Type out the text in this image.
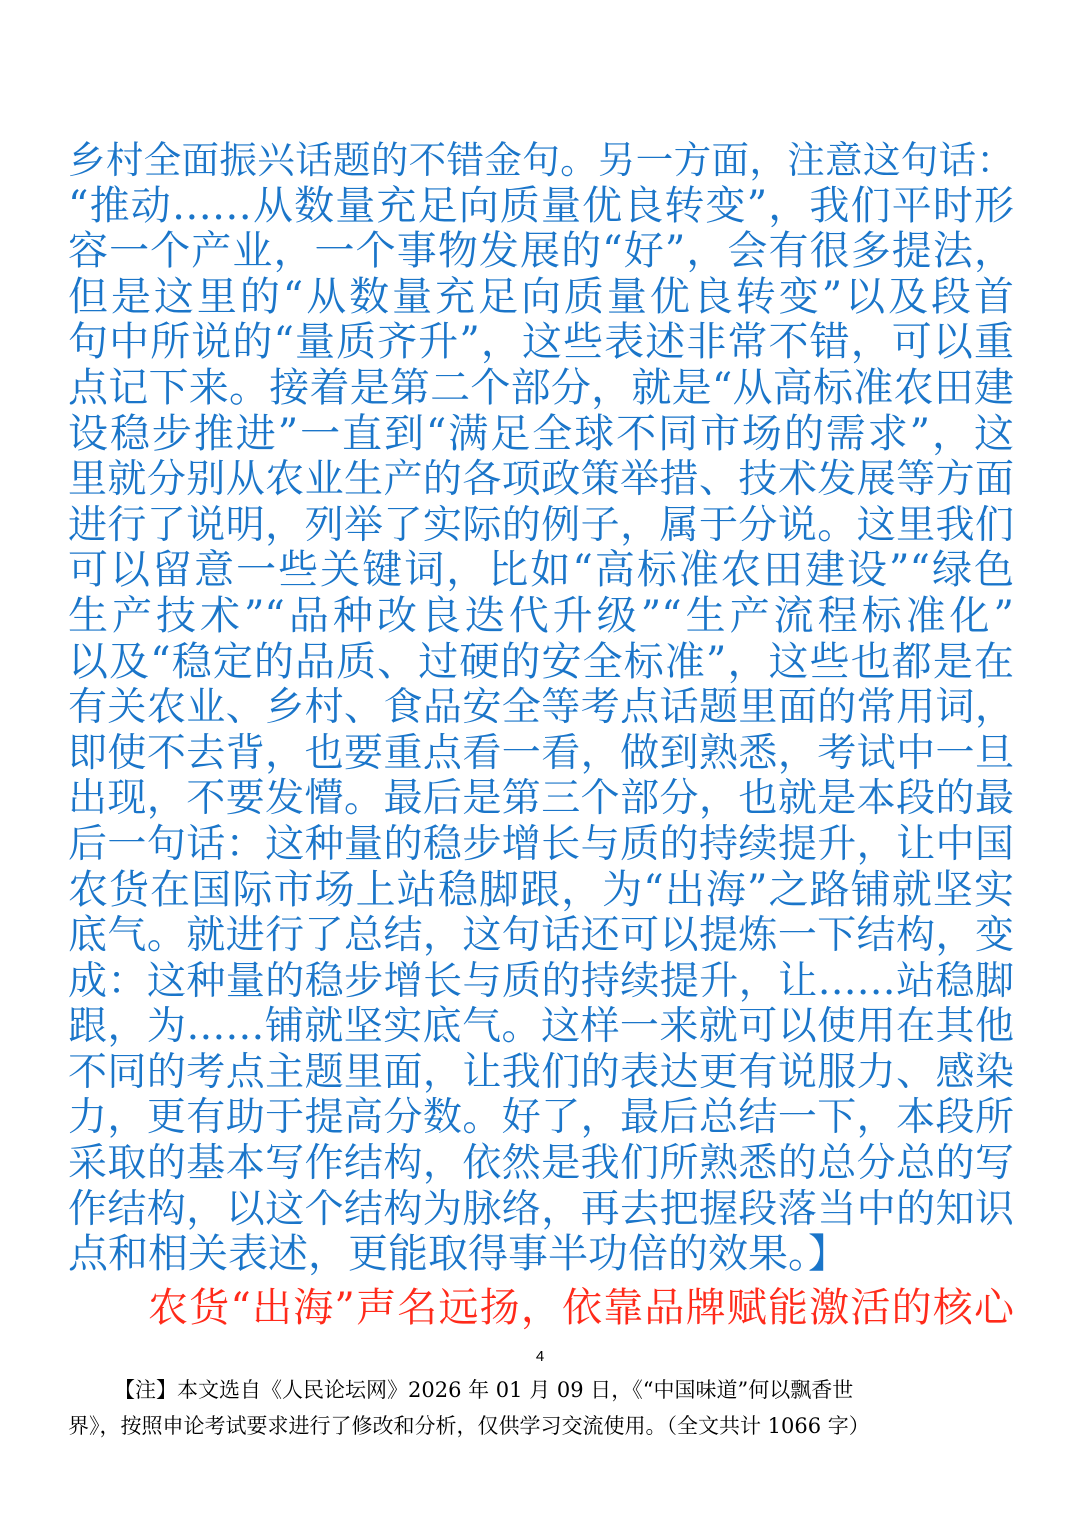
乡村全面振兴话题的不错金句。另一方面，注意这句话：
“推动……从数量充足向质量优良转变”，我们平时形
容一个产业，一个事物发展的“好”，会有很多提法，
但是这里的“从数量充足向质量优良转变”以及段首
句中所说的“量质齐升”，这些表述非常不错，可以重
点记下来。接着是第二个部分，就是“从高标准农田建
设稳步推进”一直到“满足全球不同市场的需求”，这
里就分别从农业生产的各项政策举措、技术发展等方面
进行了说明，列举了实际的例子，属于分说。这里我们
可以留意一些关键词，比如“高标准农田建设”“绿色
生产技术”“品种改良迭代升级”“生产流程标准化”
以及“稳定的品质、过硬的安全标准”，这些也都是在
有关农业、乡村、食品安全等考点话题里面的常用词，
即使不去背，也要重点看一看，做到熟悉，考试中一旦
出现，不要发懵。最后是第三个部分，也就是本段的最
后一句话：这种量的稳步增长与质的持续提升，让中国
农货在国际市场上站稳脚跟，为“出海”之路铺就坚实
底气。就进行了总结，这句话还可以提炼一下结构，变
成：这种量的稳步增长与质的持续提升，让……站稳脚
跟，为……铺就坚实底气。这样一来就可以使用在其他
不同的考点主题里面，让我们的表达更有说服力、感染
力，更有助于提高分数。好了，最后总结一下，本段所
采取的基本写作结构，依然是我们所熟悉的总分总的写
作结构，以这个结构为脉络，再去把握段落当中的知识
点和相关表述，更能取得事半功倍的效果。】
农货“出海”声名远扬，依靠品牌赋能激活的核心
4
【注】本文选自《人民论坛网》2026 年 01 月 09 日，《“中国味道”何以飘香世
界》，按照申论考试要求进行了修改和分析，仅供学习交流使用。（全文共计 1066 字）
